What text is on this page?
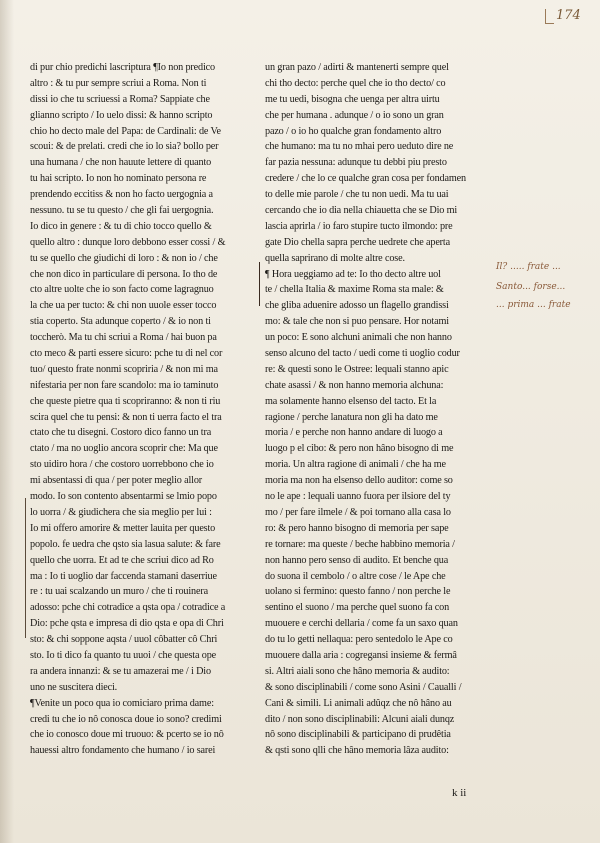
174
di pur chio predichi lascriptura ¶Io non predico
altro : & tu pur sempre scriui a Roma. Non ti
dissi io che tu scriuessi a Roma? Sappiate che
glianno scripto / Io uelo dissi: & hanno scripto
chio ho decto male del Papa: de Cardinali: de Ve
scoui: & de prelati. credi che io lo sia? bollo per
una humana / che non hauute lettere di quanto
tu hai scripto. Io non ho nominato persona re
prendendo eccitiss & non ho facto uergognia a
nessuno. tu se tu questo / che gli fai uergognia.
Io dico in genere : & tu di chio tocco quello &
quello altro : dunque loro debbono esser cossi / &
tu se quello che giudichi di loro : & non io / che
che non dico in particulare di persona. Io tho de
cto altre uolte che io son facto come lagragnuo
la che ua per tucto: & chi non uuole esser tocco
stia coperto. Sta adunque coperto / & io non ti
toccherò. Ma tu chi scriui a Roma / hai buon pa
cto meco & parti essere sicuro: pche tu di nel cor
tuo/ questo frate nonmi scopriria / & non mi ma
nifestaria per non fare scandolo: ma io taminuto
che queste pietre qua ti scopriranno: & non ti riu
scira quel che tu pensi: & non ti uerra facto el tra
ctato che tu disegni. Costoro dico fanno un tra
ctato / ma no uoglio ancora scoprir che: Ma que
sto uidiro hora / che costoro uorrebbono che io
mi absentassi di qua / per poter meglio allor
modo. Io son contento absentarmi se lmio popo
lo uorra / & giudichera che sia meglio per lui :
Io mi offero amorire & metter lauita per questo
popolo. fe uedra che qsto sia lasua salute: & fare
quello che uorra. Et ad te che scriui dico ad Ro
ma : Io ti uoglio dar faccenda stamani daserriue
re : tu uai scalzando un muro / che ti rouinera
adosso: pche chi cotradice a qsta opa / cotradice a
Dio: pche qsta e impresa di dio qsta e opa di Chri
sto: & chi soppone aqsta / uuol côbatter cô Chri
sto. Io ti dico fa quanto tu uuoi / che questa ope
ra andera innanzi: & se tu amazerai me / i Dio
uno ne suscitera dieci.
¶Venite un poco qua io comiciaro prima dame:
credi tu che io nô conosca doue io sono? credimi
che io conosco doue mi truouo: & pcerto se io nô
hauessi altro fondamento che humano / io sarei
un gran pazo / adirti & mantenerti sempre quel
chi tho decto: perche quel che io tho decto/ co
me tu uedi, bisogna che uenga per altra uirtu
che per humana . adunque / o io sono un gran
pazo / o io ho qualche gran fondamento altro
che humano: ma tu no mhai pero ueduto dire ne
far pazia nessuna: adunque tu debbi piu presto
credere / che lo ce qualche gran cosa per fondamen
to delle mie parole / che tu non uedi. Ma tu uai
cercando che io dia nella chiauetta che se Dio mi
lascia aprirla / io faro stupire tucto ilmondo: pre
gate Dio chella sapra perche uedrete che aperta
quella saprirano di molte altre cose.
¶ Hora ueggiamo ad te: Io tho decto altre uol
te / chella Italia & maxime Roma sta male: &
che gliba aduenire adosso un flagello grandissi
mo: & tale che non si puo pensare. Hor notami
un poco: E sono alchuni animali che non hanno
senso alcuno del tacto / uedi come ti uoglio codur
re: & questi sono le Ostree: lequali stanno apic
chate asassi / & non hanno memoria alchuna:
ma solamente hanno elsenso del tacto. Et la
ragione / perche lanatura non gli ha dato me
moria / e perche non hanno andare di luogo a
luogo p el cibo: & pero non hâno bisogno di me
moria. Un altra ragione di animali / che ha me
moria ma non ha elsenso dello auditor: come so
no le ape : lequali uanno fuora per ilsiore del ty
mo / per fare ilmele / & poi tornano alla casa lo
ro: & pero hanno bisogno di memoria per sape
re tornare: ma queste / beche habbino memoria /
non hanno pero senso di audito. Et benche qua
do suona il cembolo / o altre cose / le Ape che
uolano si fermino: questo fanno / non perche le
sentino el suono / ma perche quel suono fa con
muouere e cerchi dellaria / come fa un saxo quan
do tu lo getti nellaqua: pero sentedolo le Ape co
muouere dalla aria : cogregansi insieme & fermâ
si. Altri aiali sono che hâno memoria & audito:
& sono disciplinabili / come sono Asini / Caualli /
Cani & simili. Li animali adûqz che nô hâno au
dito / non sono disciplinabili: Alcuni aiali dunqz
nô sono disciplinabili & participano di prudêtia
& qsti sono qlli che hâno memoria lâza audito:
Il? ..... frate ...
Santo... forse...
... prima ... frate
k ii
